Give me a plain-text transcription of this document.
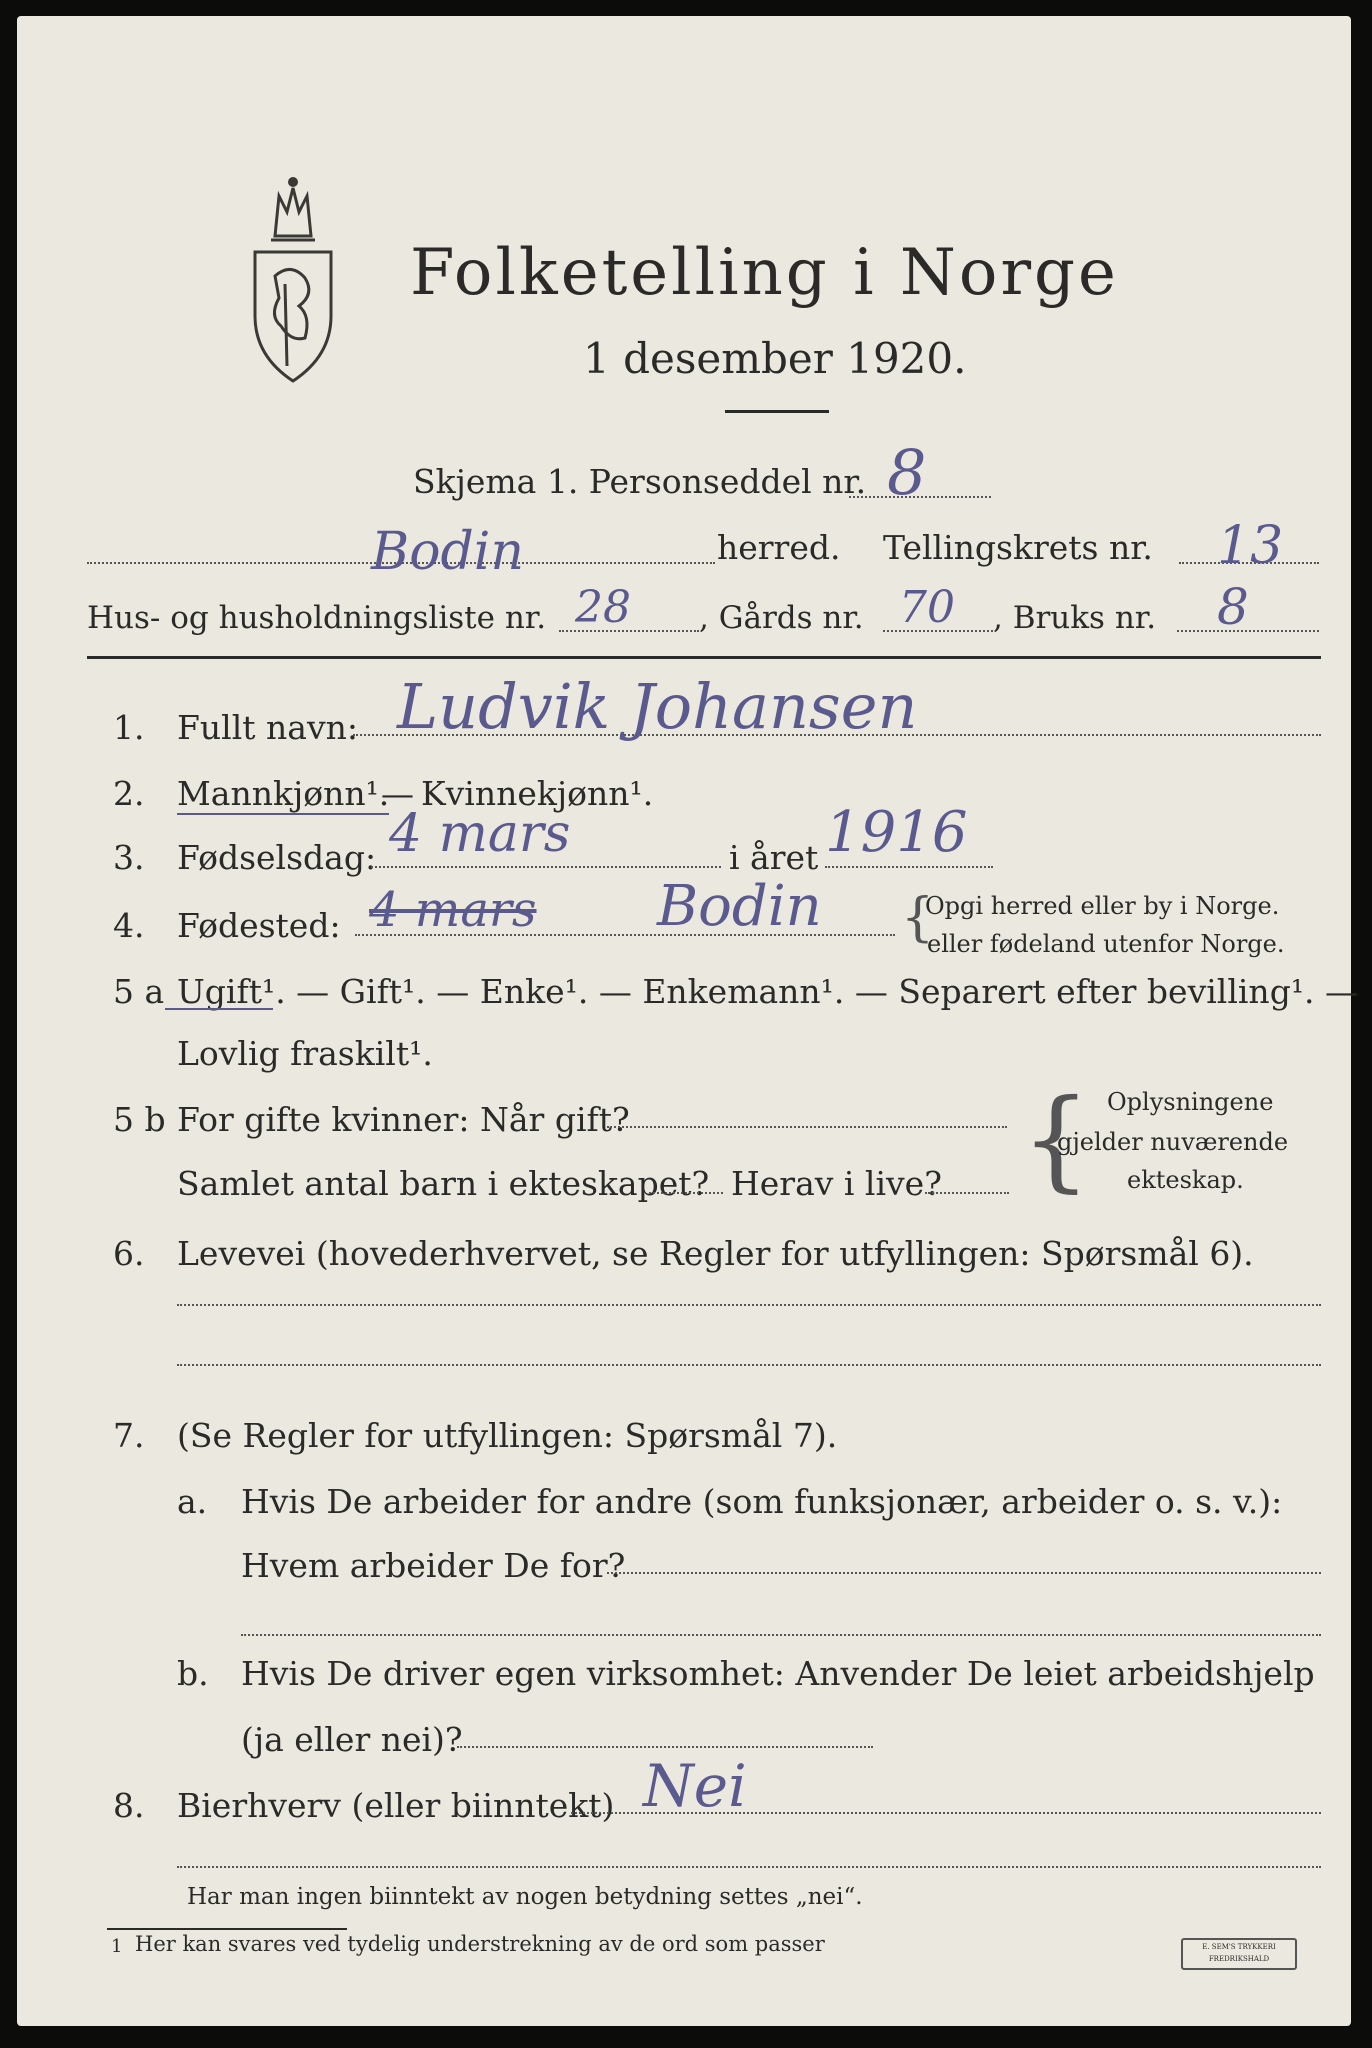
Folketelling i Norge
1 desember 1920.
Skjema 1. Personseddel nr. 8
Bodin	herred. Tellingskrets nr. 13
Hus- og husholdningsliste nr. 28 , Gårds nr. 70 , Bruks nr. 8
1. Fullt navn: Ludvik Johansen
2. Mannkjønn¹.
— Kvinnekjønn¹.
3. Fødselsdag: 4 mars	i året 1916
4. Fødested: 4 mars Bodin {
Opgi herred eller by i Norge.
eller fødeland utenfor Norge.
5 a Ugift¹. — Gift¹. — Enke¹. — Enkemann¹. — Separert efter bevilling¹. —
Lovlig fraskilt¹.
5 b For gifte kvinner: Når gift?
Samlet antal barn i ekteskapet? Herav i live? { Oplysningene
gjelder nuværende
ekteskap.
6. Levevei (hovederhvervet, se Regler for utfyllingen: Spørsmål 6).
7. (Se Regler for utfyllingen: Spørsmål 7).
a. Hvis De arbeider for andre (som funksjonær, arbeider o. s. v.):
Hvem arbeider De for?
b. Hvis De driver egen virksomhet: Anvender De leiet arbeidshjelp
(ja eller nei)?
8. Bierhverv (eller biinntekt) Nei
Har man ingen biinntekt av nogen betydning settes „nei“.
1 Her kan svares ved tydelig understrekning av de ord som passer	E. SEM'S TRYKKERI FREDRIKSHALD
